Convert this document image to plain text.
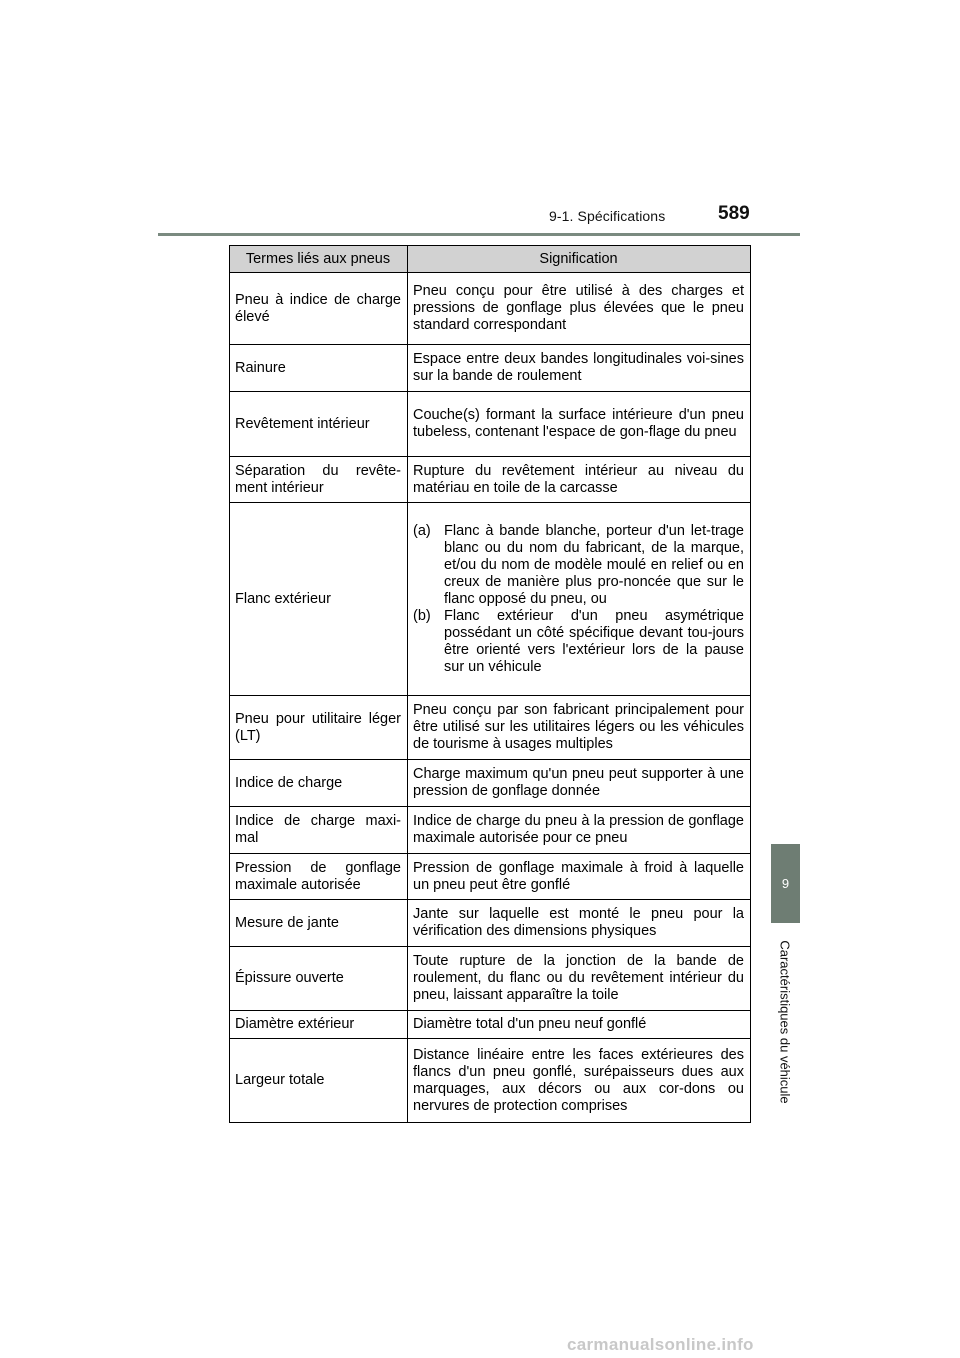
9-1. Spécifications	589
9
Caractéristiques du véhicule
Termes liés aux pneus	Signification
Pneu à indice de charge élevé	Pneu conçu pour être utilisé à des charges et pressions de gonflage plus élevées que le pneu standard correspondant
Rainure	Espace entre deux bandes longitudinales voi-sines sur la bande de roulement
Revêtement intérieur	Couche(s) formant la surface intérieure d'un pneu tubeless, contenant l'espace de gon-flage du pneu
Séparation du revête-ment intérieur	Rupture du revêtement intérieur au niveau du matériau en toile de la carcasse
Flanc extérieur	(a) Flanc à bande blanche, porteur d'un let-trage blanc ou du nom du fabricant, de la marque, et/ou du nom de modèle moulé en relief ou en creux de manière plus pro-noncée que sur le flanc opposé du pneu, ou
(b) Flanc extérieur d'un pneu asymétrique possédant un côté spécifique devant tou-jours être orienté vers l'extérieur lors de la pause sur un véhicule

Pneu pour utilitaire léger (LT)	Pneu conçu par son fabricant principalement pour être utilisé sur les utilitaires légers ou les véhicules de tourisme à usages multiples
Indice de charge	Charge maximum qu'un pneu peut supporter à une pression de gonflage donnée
Indice de charge maxi-mal	Indice de charge du pneu à la pression de gonflage maximale autorisée pour ce pneu
Pression de gonflage maximale autorisée	Pression de gonflage maximale à froid à laquelle un pneu peut être gonflé
Mesure de jante	Jante sur laquelle est monté le pneu pour la vérification des dimensions physiques
Épissure ouverte	Toute rupture de la jonction de la bande de roulement, du flanc ou du revêtement intérieur du pneu, laissant apparaître la toile
Diamètre extérieur	Diamètre total d'un pneu neuf gonflé
Largeur totale	Distance linéaire entre les faces extérieures des flancs d'un pneu gonflé, surépaisseurs dues aux marquages, aux décors ou aux cor-dons ou nervures de protection comprises
carmanualsonline.info
